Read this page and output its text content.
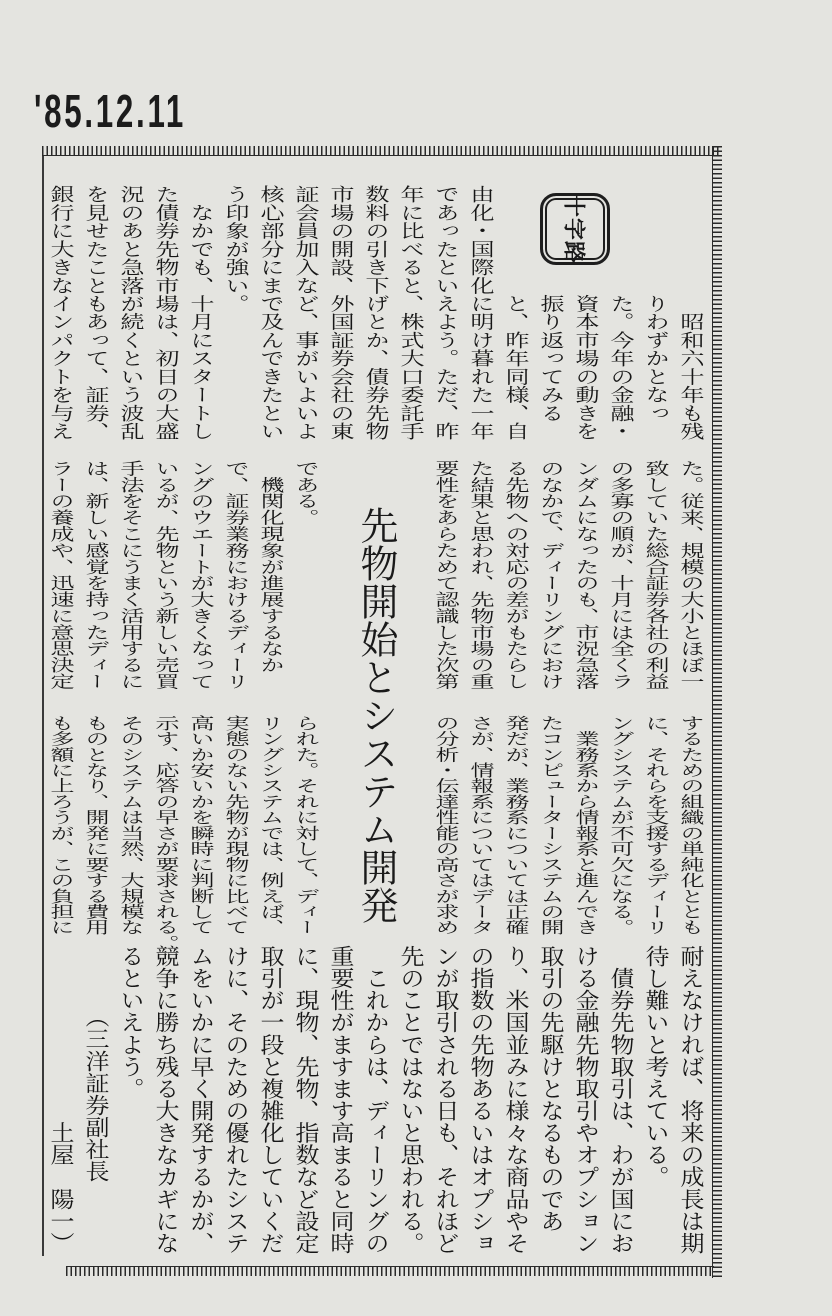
'85.12.11
十字路
先物開始とシステム開発
　昭和六十年も残
りわずかとなっ
た。今年の金融・
資本市場の動きを
振り返ってみる
と、昨年同様、自
由化・国際化に明け暮れた一年
であったといえよう。ただ、昨
年に比べると、株式大口委託手
数料の引き下げとか、債券先物
市場の開設、外国証券会社の東
証会員加入など、事がいよいよ
核心部分にまで及んできたとい
う印象が強い。
　なかでも、十月にスタートし
た債券先物市場は、初日の大盛
況のあと急落が続くという波乱
を見せたこともあって、証券、
銀行に大きなインパクトを与え
た。従来、規模の大小とほぼ一
致していた総合証券各社の利益
の多寡の順が、十月には全くラ
ンダムになったのも、市況急落
のなかで、ディーリングにおけ
る先物への対応の差がもたらし
た結果と思われ、先物市場の重
要性をあらためて認識した次第
である。
　機関化現象が進展するなか
で、証券業務におけるディーリ
ングのウエートが大きくなって
いるが、先物という新しい売買
手法をそこにうまく活用するに
は、新しい感覚を持ったディー
ラーの養成や、迅速に意思決定
するための組織の単純化ととも
に、それらを支援するディーリ
ングシステムが不可欠になる。
　業務系から情報系と進んでき
たコンピューターシステムの開
発だが、業務系については正確
さが、情報系についてはデータ
の分析・伝達性能の高さが求め
られた。それに対して、ディー
リングシステムでは、例えば、
実態のない先物が現物に比べて
高いか安いかを瞬時に判断して
示す、応答の早さが要求される。
そのシステムは当然、大規模な
ものとなり、開発に要する費用
も多額に上ろうが、この負担に
耐えなければ、将来の成長は期
待し難いと考えている。
　債券先物取引は、わが国にお
ける金融先物取引やオプション
取引の先駆けとなるものであ
り、米国並みに様々な商品やそ
の指数の先物あるいはオプショ
ンが取引される日も、それほど
先のことではないと思われる。
　これからは、ディーリングの
重要性がますます高まると同時
に、現物、先物、指数など設定
取引が一段と複雑化していくだ
けに、そのための優れたシステ
ムをいかに早く開発するかが、
競争に勝ち残る大きなカギにな
るといえよう。
（三洋証券副社長
土屋　陽一）
